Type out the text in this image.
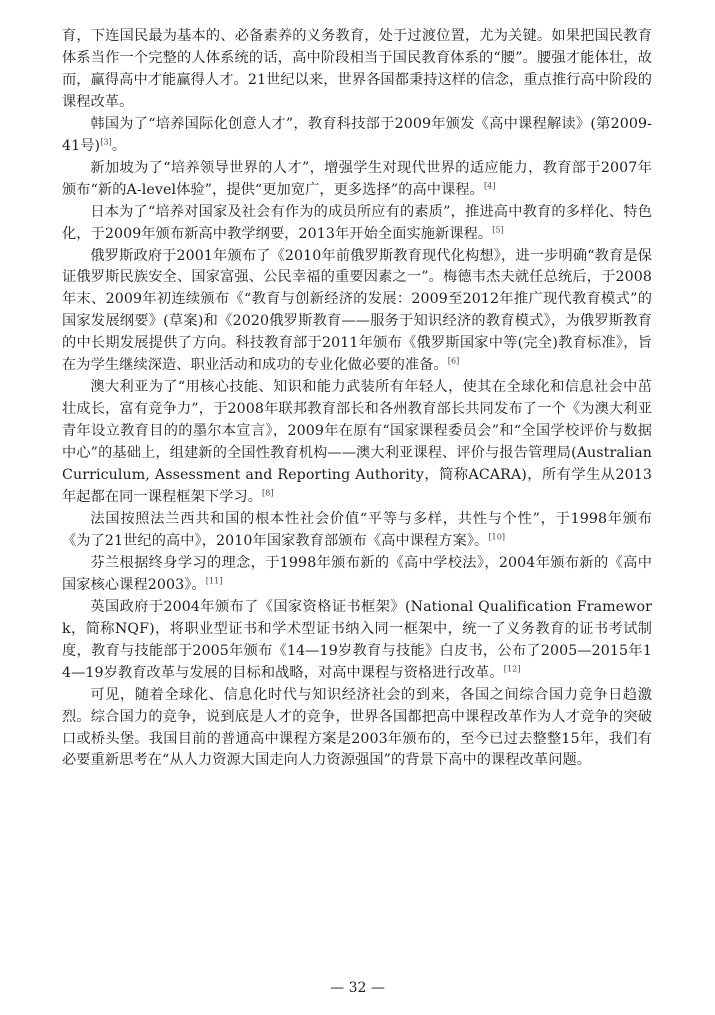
育，下连国民最为基本的、必备素养的义务教育，处于过渡位置，尤为关键。如果把国民教育体系当作一个完整的人体系统的话，高中阶段相当于国民教育体系的“腰”。腰强才能体壮，故而，赢得高中才能赢得人才。21世纪以来，世界各国都秉持这样的信念，重点推行高中阶段的课程改革。

韩国为了“培养国际化创意人才”，教育科技部于2009年颁发《高中课程解读》(第2009-41号)[3]。

新加坡为了“培养领导世界的人才”，增强学生对现代世界的适应能力，教育部于2007年颁布“新的A-level体验”，提供“更加宽广，更多选择”的高中课程。[4]

日本为了“培养对国家及社会有作为的成员所应有的素质”，推进高中教育的多样化、特色化，于2009年颁布新高中教学纲要，2013年开始全面实施新课程。[5]

俄罗斯政府于2001年颁布了《2010年前俄罗斯教育现代化构想》，进一步明确“教育是保证俄罗斯民族安全、国家富强、公民幸福的重要因素之一”。梅德韦杰夫就任总统后，于2008年末、2009年初连续颁布《“教育与创新经济的发展：2009至2012年推广现代教育模式”的国家发展纲要》(草案)和《2020俄罗斯教育——服务于知识经济的教育模式》，为俄罗斯教育的中长期发展提供了方向。科技教育部于2011年颁布《俄罗斯国家中等(完全)教育标准》，旨在为学生继续深造、职业活动和成功的专业化做必要的准备。[6]

澳大利亚为了“用核心技能、知识和能力武装所有年轻人，使其在全球化和信息社会中茁壮成长，富有竞争力”，于2008年联邦教育部长和各州教育部长共同发布了一个《为澳大利亚青年设立教育目的的墨尔本宣言》，2009年在原有“国家课程委员会”和“全国学校评价与数据中心”的基础上，组建新的全国性教育机构——澳大利亚课程、评价与报告管理局(Australian Curriculum, Assessment and Reporting Authority，简称ACARA)，所有学生从2013年起都在同一课程框架下学习。[8]

法国按照法兰西共和国的根本性社会价值“平等与多样，共性与个性”，于1998年颁布《为了21世纪的高中》，2010年国家教育部颁布《高中课程方案》。[10]

芬兰根据终身学习的理念，于1998年颁布新的《高中学校法》，2004年颁布新的《高中国家核心课程2003》。[11]

英国政府于2004年颁布了《国家资格证书框架》(National Qualification Framework，简称NQF)，将职业型证书和学术型证书纳入同一框架中，统一了义务教育的证书考试制度，教育与技能部于2005年颁布《14—19岁教育与技能》白皮书，公布了2005—2015年14—19岁教育改革与发展的目标和战略，对高中课程与资格进行改革。[12]

可见，随着全球化、信息化时代与知识经济社会的到来，各国之间综合国力竞争日趋激烈。综合国力的竞争，说到底是人才的竞争，世界各国都把高中课程改革作为人才竞争的突破口或桥头堡。我国目前的普通高中课程方案是2003年颁布的，至今已过去整整15年，我们有必要重新思考在“从人力资源大国走向人力资源强国”的背景下高中的课程改革问题。

— 32 —
